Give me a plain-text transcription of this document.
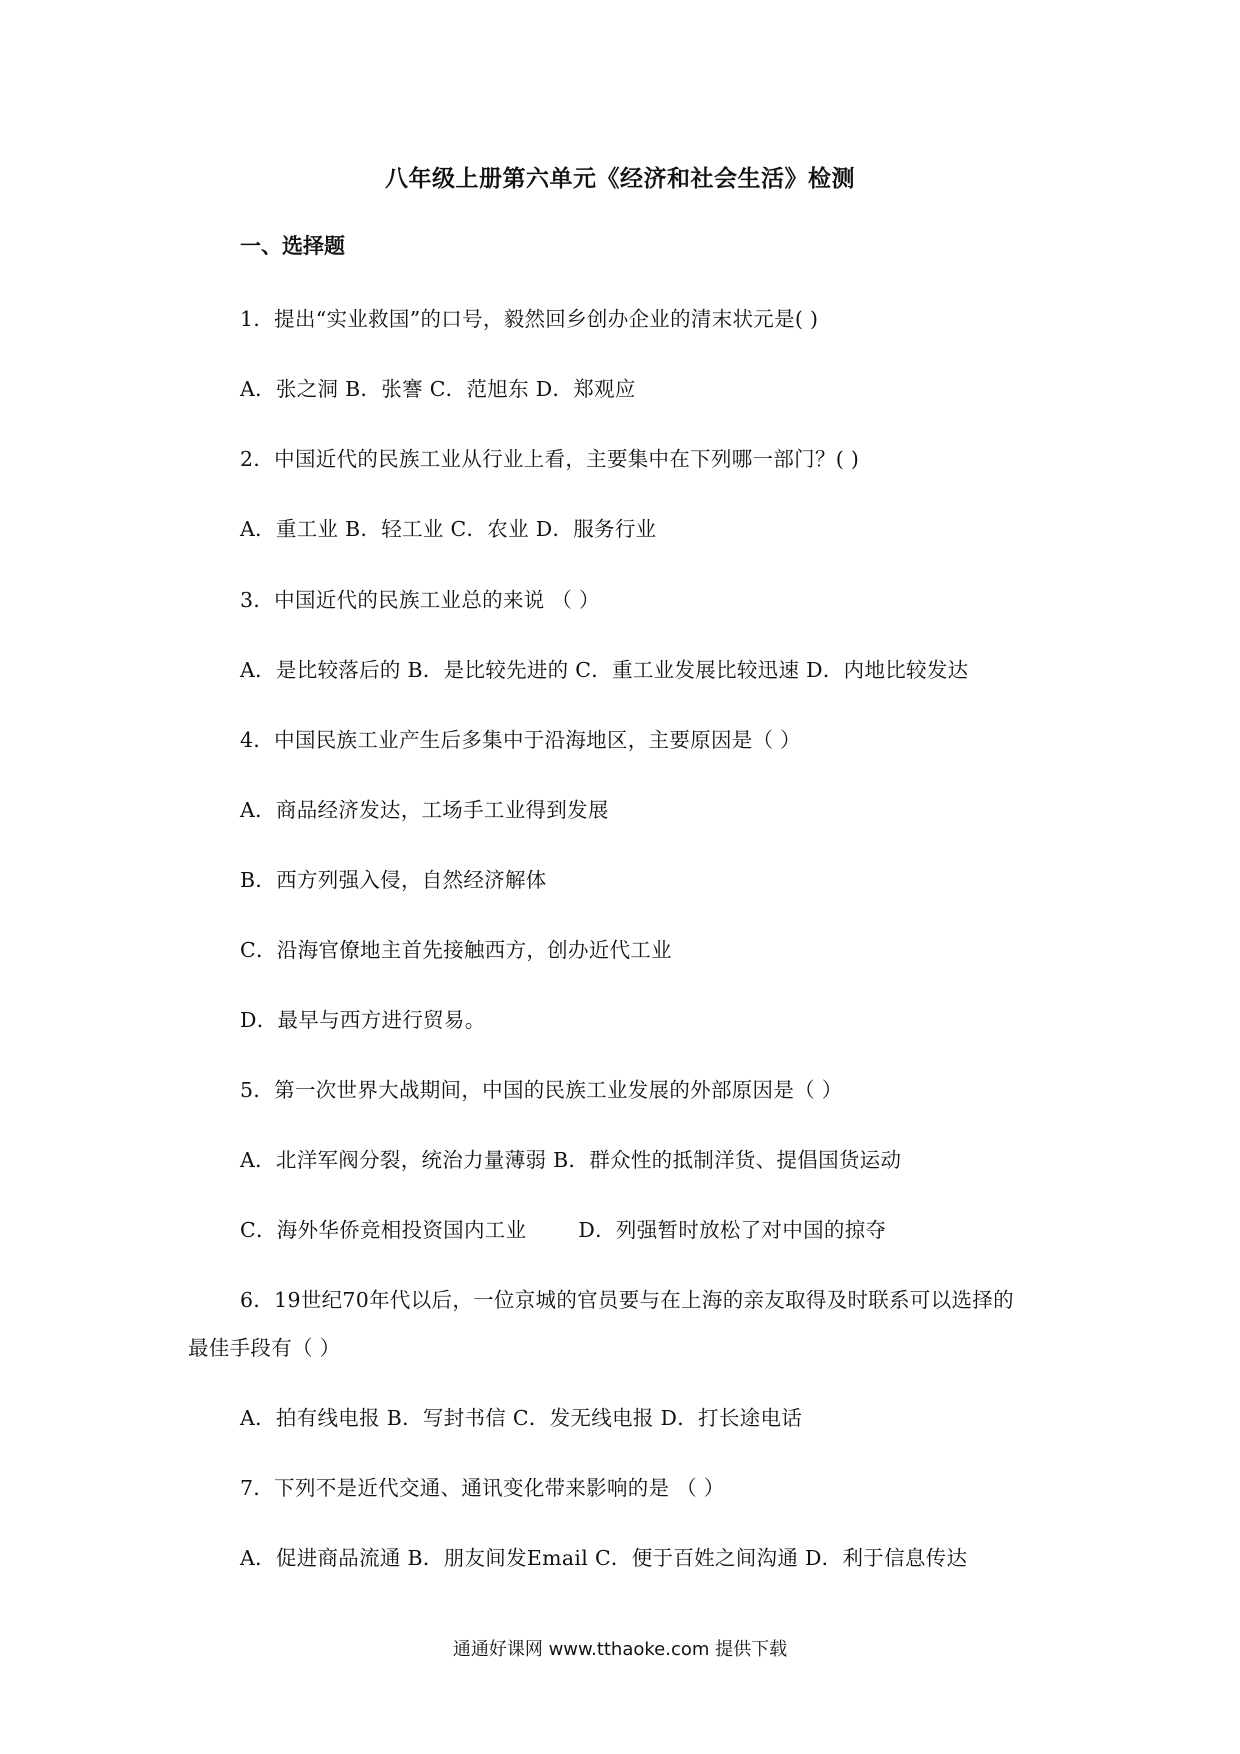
八年级上册第六单元《经济和社会生活》检测
一、选择题
1．提出“实业救国”的口号，毅然回乡创办企业的清末状元是( )
A．张之洞 B．张謇 C．范旭东 D．郑观应
2．中国近代的民族工业从行业上看，主要集中在下列哪一部门？( )
A．重工业 B．轻工业 C．农业 D．服务行业
3．中国近代的民族工业总的来说 （ ）
A．是比较落后的 B．是比较先进的 C．重工业发展比较迅速 D．内地比较发达
4．中国民族工业产生后多集中于沿海地区，主要原因是（ ）
A．商品经济发达，工场手工业得到发展
B．西方列强入侵，自然经济解体
C．沿海官僚地主首先接触西方，创办近代工业
D．最早与西方进行贸易。
5．第一次世界大战期间，中国的民族工业发展的外部原因是（ ）
A．北洋军阀分裂，统治力量薄弱 B．群众性的抵制洋货、提倡国货运动
C．海外华侨竞相投资国内工业	D．列强暂时放松了对中国的掠夺
6．19世纪70年代以后，一位京城的官员要与在上海的亲友取得及时联系可以选择的
最佳手段有（ ）
A．拍有线电报 B．写封书信 C．发无线电报 D．打长途电话
7．下列不是近代交通、通讯变化带来影响的是 （ ）
A．促进商品流通 B．朋友间发Email C．便于百姓之间沟通 D．利于信息传达
通通好课网 www.tthaoke.com 提供下载
